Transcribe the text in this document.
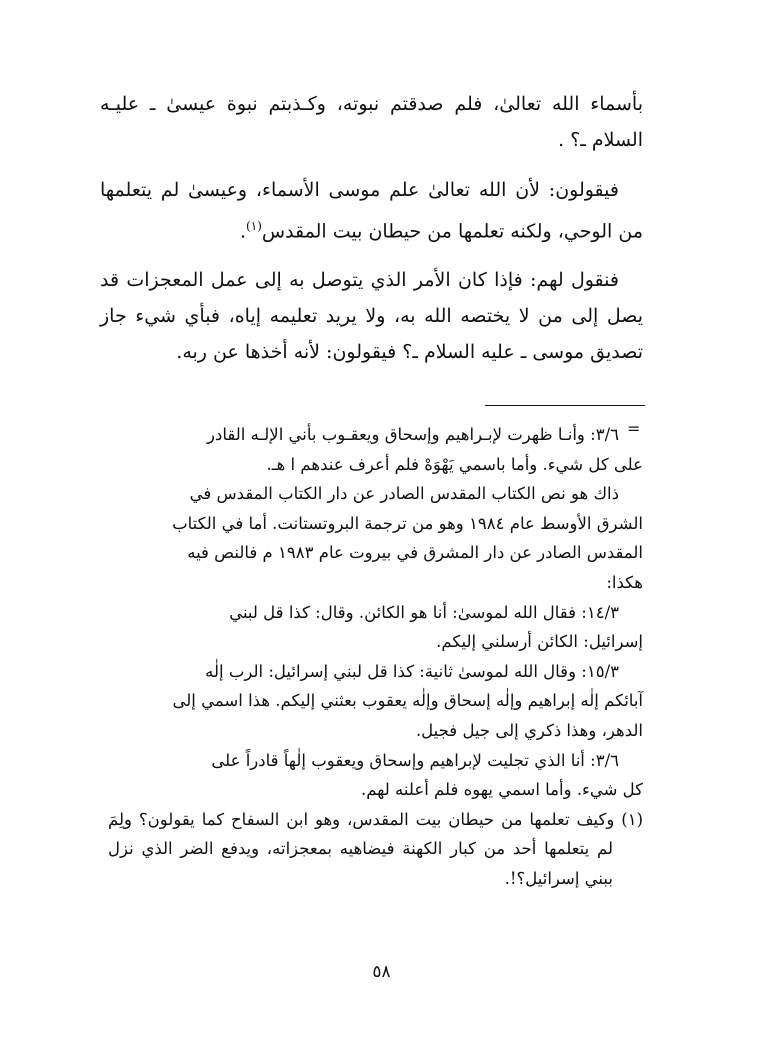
بأسماء الله تعالىٰ، فلم صدقتم نبوته، وكـذبتم نبوة عيسىٰ ـ عليـه السلام ـ؟ .

فيقولون: لأن الله تعالىٰ علم موسى الأسماء، وعيسىٰ لم يتعلمها من الوحي، ولكنه تعلمها من حيطان بيت المقدس$^{(١)}$.

فنقول لهم: فإذا كان الأمر الذي يتوصل به إلى عمل المعجزات قد يصل إلى من لا يختصه الله به، ولا يريد تعليمه إياه، فبأي شيء جاز تصديق موسى ـ عليه السلام ـ؟ فيقولون: لأنه أخذها عن ربه.

=
٣/٦: وأنـا ظهرت لإبـراهيم وإسحاق ويعقـوب بأني الإلـه القادر
على كل شيء. وأما باسمي يَهْوَهْ فلم أعرف عندهم ا هـ.
ذاك هو نص الكتاب المقدس الصادر عن دار الكتاب المقدس في
الشرق الأوسط عام ١٩٨٤ وهو من ترجمة البروتستانت. أما في الكتاب
المقدس الصادر عن دار المشرق في بيروت عام ١٩٨٣ م فالنص فيه
هكذا:
١٤/٣: فقال الله لموسىٰ: أنا هو الكائن. وقال: كذا قل لبني
إسرائيل: الكائن أرسلني إليكم.
١٥/٣: وقال الله لموسىٰ ثانية: كذا قل لبني إسرائيل: الرب إلٰه
آبائكم إلٰه إبراهيم وإلٰه إسحاق وإلٰه يعقوب بعثني إليكم. هذا اسمي إلى
الدهر، وهذا ذكري إلى جيل فجيل.
٣/٦: أنا الذي تجليت لإبراهيم وإسحاق ويعقوب إلٰهاً قادراً على
كل شيء. وأما اسمي يهوه فلم أعلنه لهم.
(١) وكيف تعلمها من حيطان بيت المقدس، وهو ابن السفاح كما يقولون؟ ولِمَ لم يتعلمها أحد من كبار الكهنة فيضاهيه بمعجزاته، ويدفع الضر الذي نزل ببني إسرائيل؟!.
٥٨
